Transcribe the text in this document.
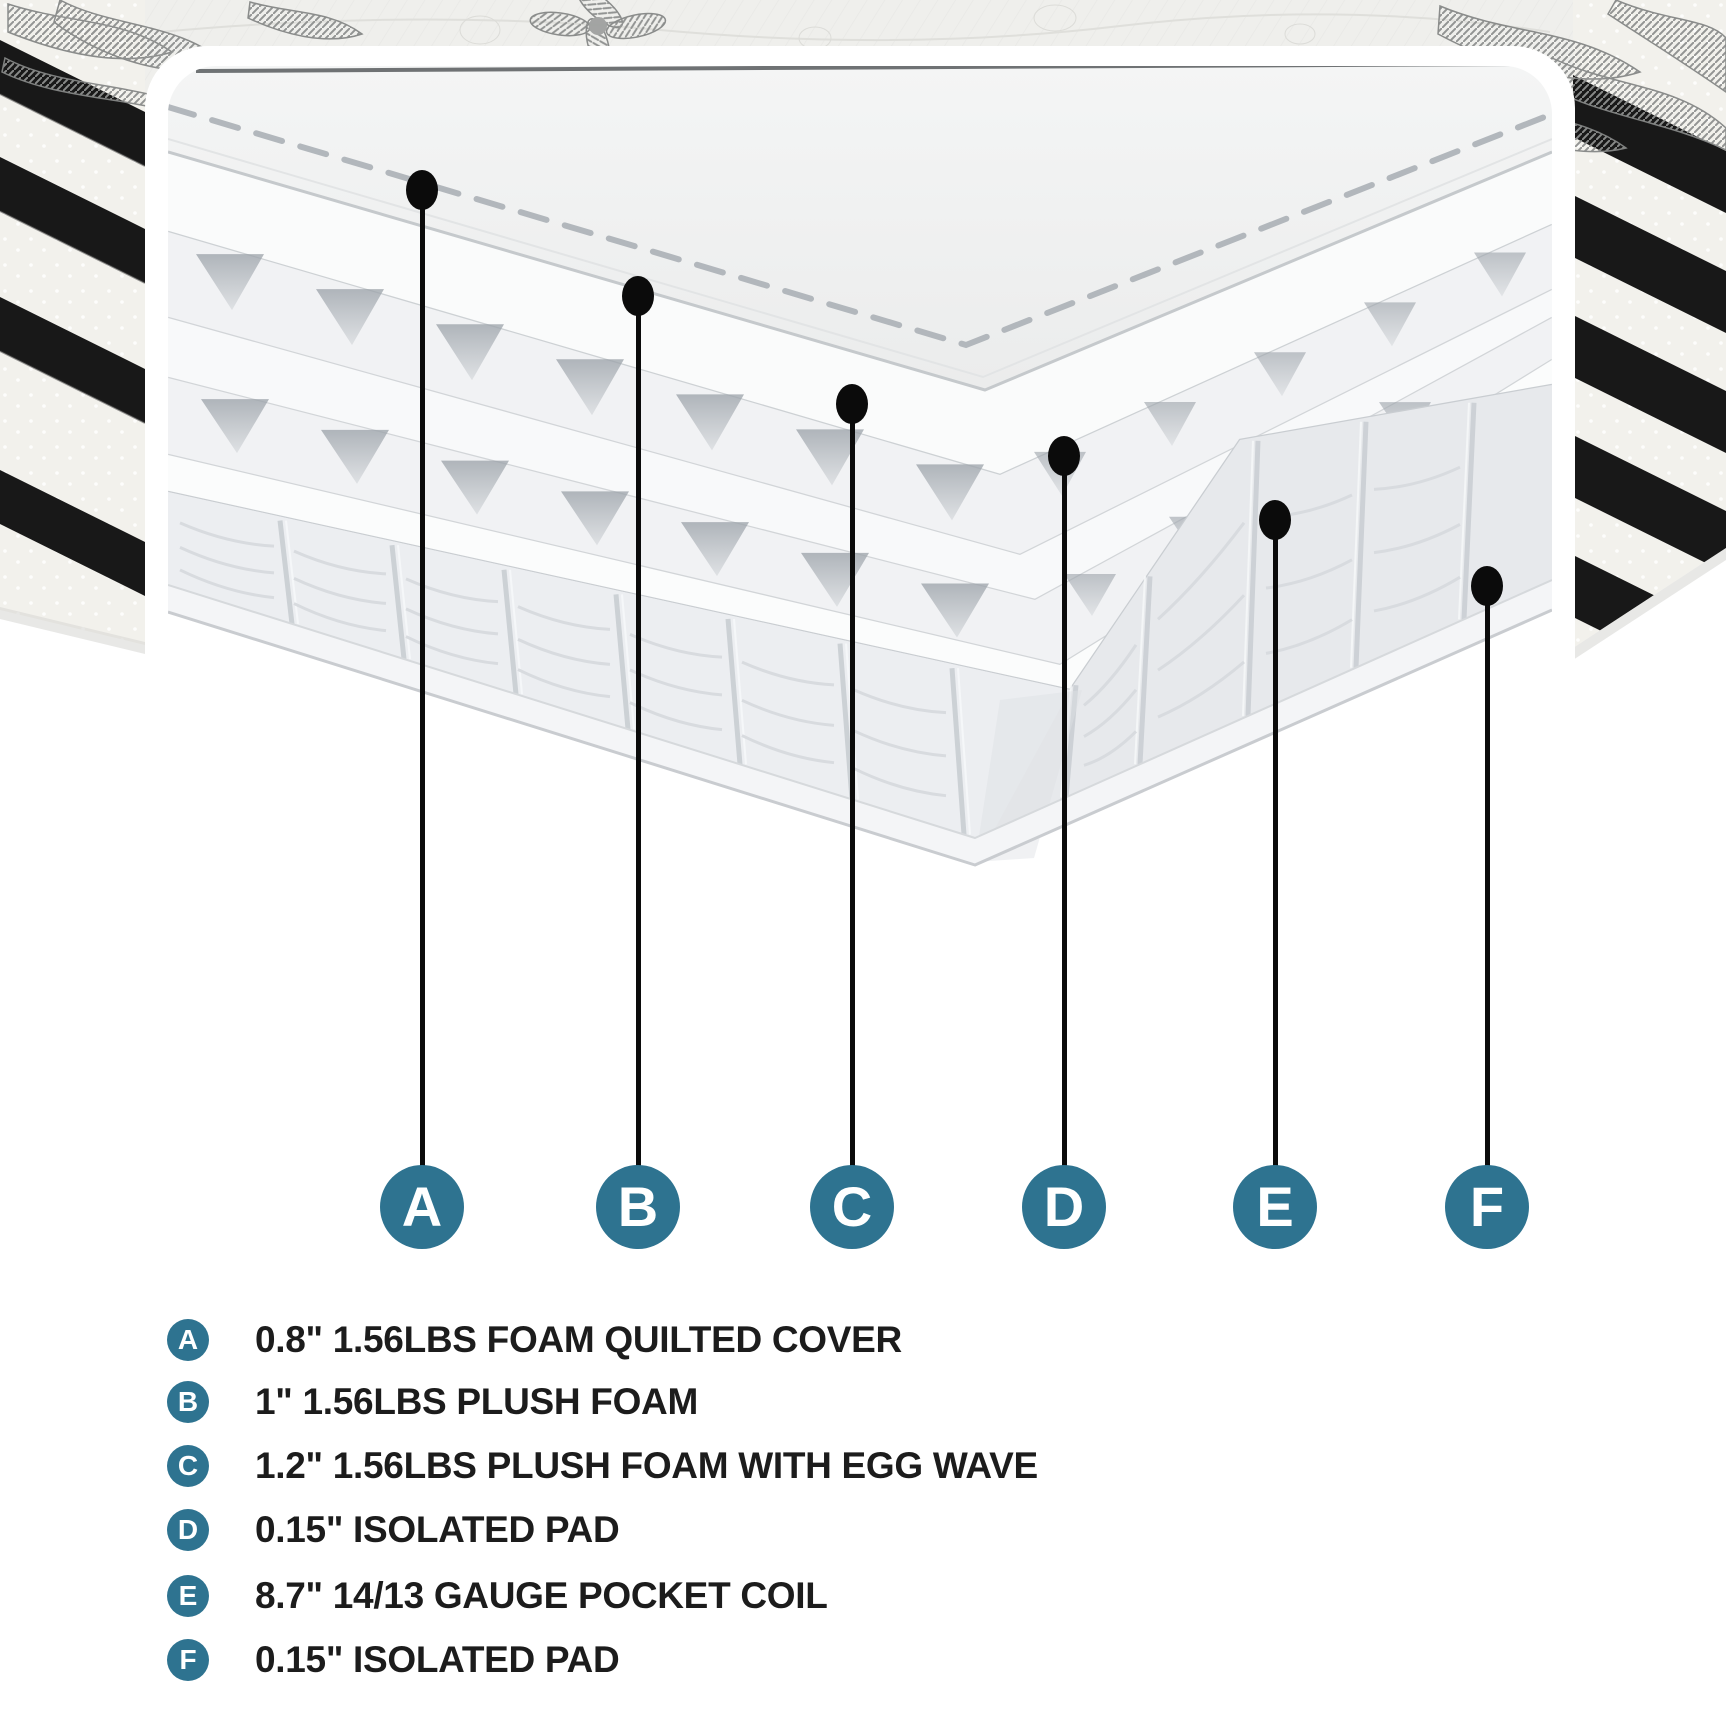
A	B	C	D	E	F
A 0.8" 1.56LBS FOAM QUILTED COVER
B 1" 1.56LBS PLUSH FOAM
C 1.2" 1.56LBS PLUSH FOAM WITH EGG WAVE
D 0.15" ISOLATED PAD
E	8.7" 14/13 GAUGE POCKET COIL
F	0.15" ISOLATED PAD
